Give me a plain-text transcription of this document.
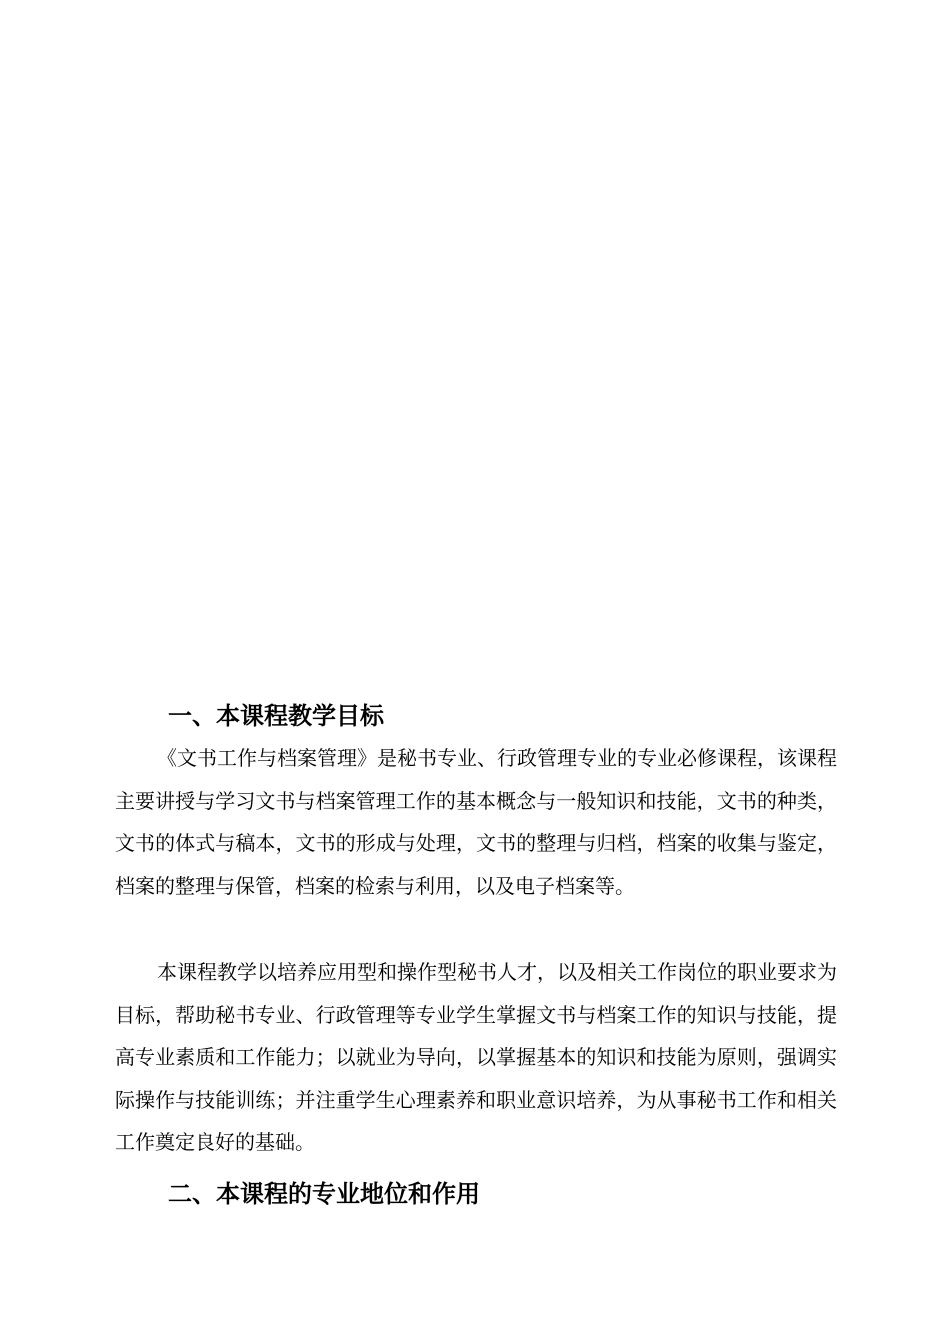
一、本课程教学目标

《文书工作与档案管理》是秘书专业、行政管理专业的专业必修课程，该课程主要讲授与学习文书与档案管理工作的基本概念与一般知识和技能，文书的种类，文书的体式与稿本，文书的形成与处理，文书的整理与归档，档案的收集与鉴定，档案的整理与保管，档案的检索与利用，以及电子档案等。

本课程教学以培养应用型和操作型秘书人才，以及相关工作岗位的职业要求为目标，帮助秘书专业、行政管理等专业学生掌握文书与档案工作的知识与技能，提高专业素质和工作能力；以就业为导向，以掌握基本的知识和技能为原则，强调实际操作与技能训练；并注重学生心理素养和职业意识培养，为从事秘书工作和相关工作奠定良好的基础。

二、本课程的专业地位和作用
